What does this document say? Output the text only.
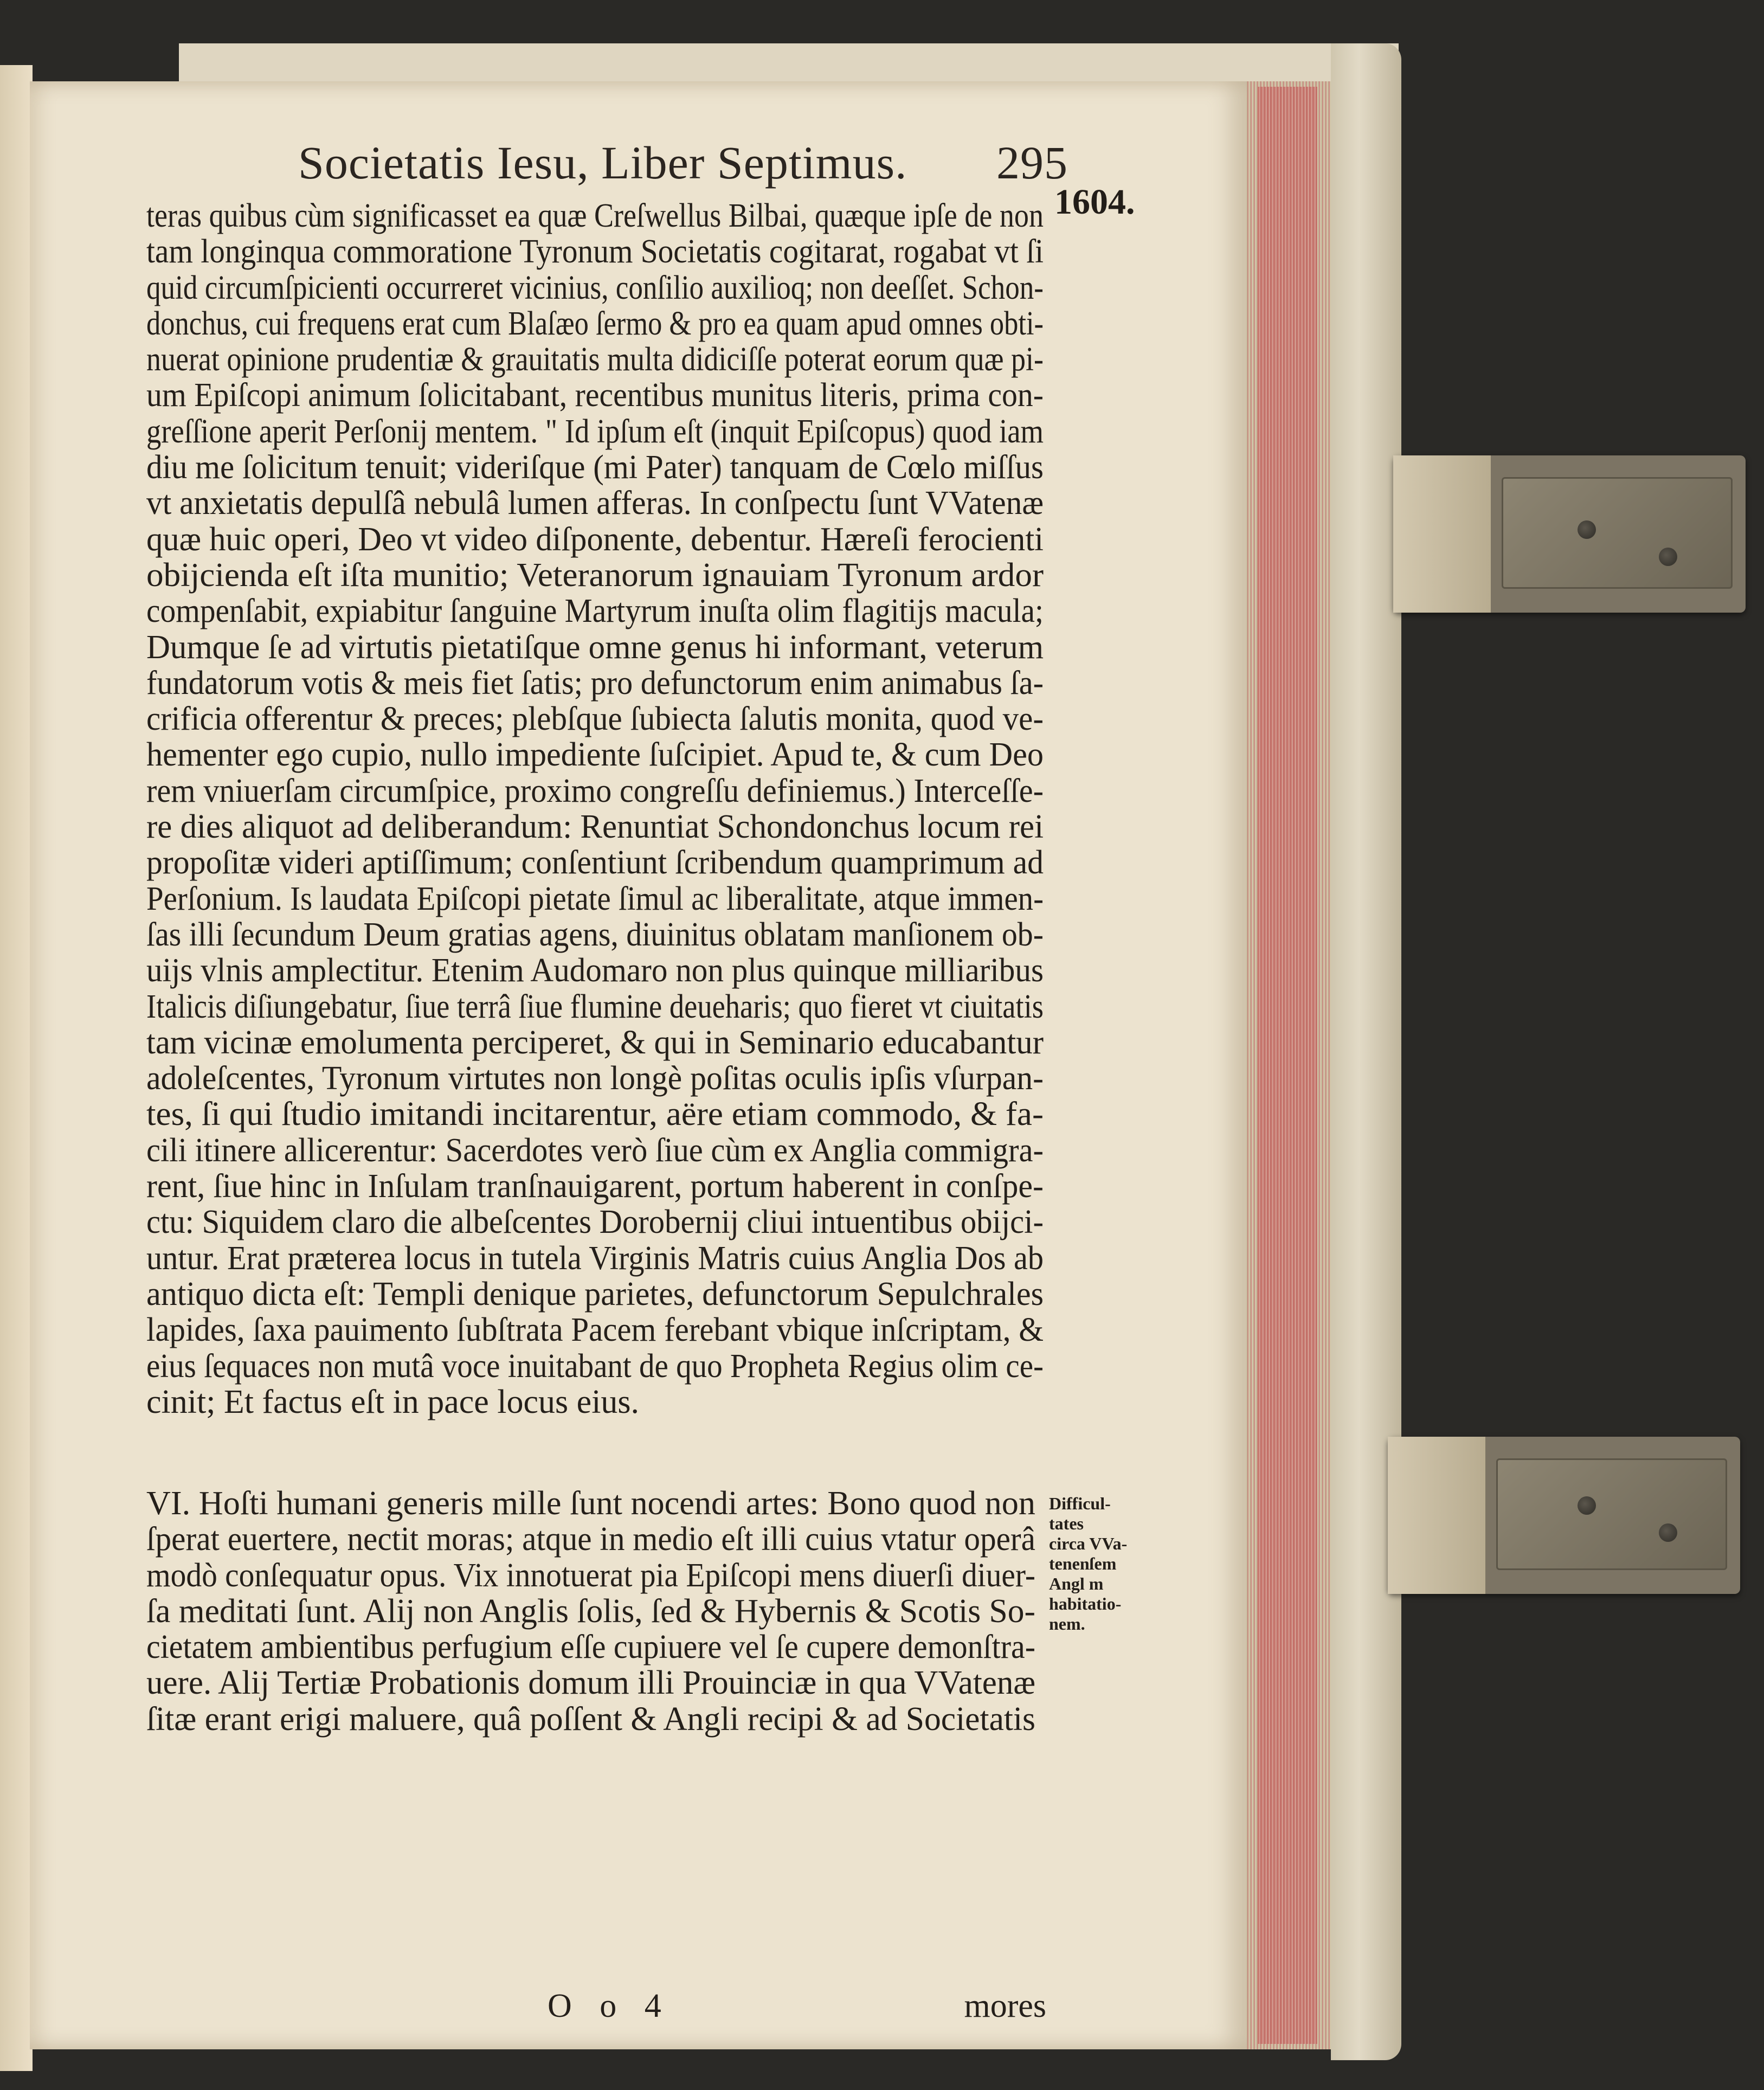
Societatis Iesu, Liber Septimus. 295
1604.
teras quibus cùm significasset ea quæ Creſwellus Bilbai, quæque ipſe de non
tam longinqua commoratione Tyronum Societatis cogitarat, rogabat vt ſi
quid circumſpicienti occurreret vicinius, conſilio auxilioq; non deeſſet. Schon-
donchus, cui frequens erat cum Blaſæo ſermo & pro ea quam apud omnes obti-
nuerat opinione prudentiæ & grauitatis multa didiciſſe poterat eorum quæ pi-
um Epiſcopi animum ſolicitabant, recentibus munitus literis, prima con-
greſſione aperit Perſonij mentem. " Id ipſum eſt (inquit Epiſcopus) quod iam
diu me ſolicitum tenuit; videriſque (mi Pater) tanquam de Cœlo miſſus
vt anxietatis depulſâ nebulâ lumen afferas. In conſpectu ſunt VVatenæ
quæ huic operi, Deo vt video diſponente, debentur. Hæreſi ferocienti
obijcienda eſt iſta munitio; Veteranorum ignauiam Tyronum ardor
compenſabit, expiabitur ſanguine Martyrum inuſta olim flagitijs macula;
Dumque ſe ad virtutis pietatiſque omne genus hi informant, veterum
fundatorum votis & meis fiet ſatis; pro defunctorum enim animabus ſa-
crificia offerentur & preces; plebſque ſubiecta ſalutis monita, quod ve-
hementer ego cupio, nullo impediente ſuſcipiet. Apud te, & cum Deo
rem vniuerſam circumſpice, proximo congreſſu definiemus.) Interceſſe-
re dies aliquot ad deliberandum: Renuntiat Schondonchus locum rei
propoſitæ videri aptiſſimum; conſentiunt ſcribendum quamprimum ad
Perſonium. Is laudata Epiſcopi pietate ſimul ac liberalitate, atque immen-
ſas illi ſecundum Deum gratias agens, diuinitus oblatam manſionem ob-
uijs vlnis amplectitur. Etenim Audomaro non plus quinque milliaribus
Italicis diſiungebatur, ſiue terrâ ſiue flumine deueharis; quo fieret vt ciuitatis
tam vicinæ emolumenta perciperet, & qui in Seminario educabantur
adoleſcentes, Tyronum virtutes non longè poſitas oculis ipſis vſurpan-
tes, ſi qui ſtudio imitandi incitarentur, aëre etiam commodo, & fa-
cili itinere allicerentur: Sacerdotes verò ſiue cùm ex Anglia commigra-
rent, ſiue hinc in Inſulam tranſnauigarent, portum haberent in conſpe-
ctu: Siquidem claro die albeſcentes Dorobernij cliui intuentibus obijci-
untur. Erat præterea locus in tutela Virginis Matris cuius Anglia Dos ab
antiquo dicta eſt: Templi denique parietes, defunctorum Sepulchrales
lapides, ſaxa pauimento ſubſtrata Pacem ferebant vbique inſcriptam, &
eius ſequaces non mutâ voce inuitabant de quo Propheta Regius olim ce-
cinit; Et factus eſt in pace locus eius.
VI. Hoſti humani generis mille ſunt nocendi artes: Bono quod non
ſperat euertere, nectit moras; atque in medio eſt illi cuius vtatur operâ
modò conſequatur opus. Vix innotuerat pia Epiſcopi mens diuerſi diuer-
ſa meditati ſunt. Alij non Anglis ſolis, ſed & Hybernis & Scotis So-
cietatem ambientibus perfugium eſſe cupiuere vel ſe cupere demonſtra-
uere. Alij Tertiæ Probationis domum illi Prouinciæ in qua VVatenæ
ſitæ erant erigi maluere, quâ poſſent & Angli recipi & ad Societatis
Difficul-
tates
circa VVa-
tenenſem
Angl m
habitatio-
nem.
O o 4	mores
